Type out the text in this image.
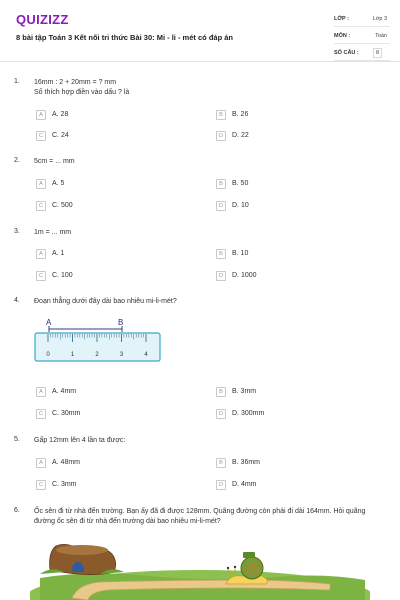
QUIZIZZ
8 bài tập Toán 3 Kết nối tri thức Bài 30: Mi - li - mét có đáp án
LỚP :	Lớp 3
MÔN :	Toán
SỐ CÂU :	8
1. 16mm : 2 + 20mm = ? mm
Số thích hợp điền vào dấu ? là
A	A. 28	B	B. 26
C	C. 24	D	D. 22
2. 5cm = ... mm
A	A. 5	B	B. 50
C	C. 500	D	D. 10
3. 1m = ... mm
A	A. 1	B	B. 10
C	C. 100	D	D. 1000
4. Đoạn thẳng dưới đây dài bao nhiêu mi-li-mét?
A	B
0	1	2	3	4
A	A. 4mm	B	B. 3mm
C	C. 30mm	D	D. 300mm
5. Gấp 12mm lên 4 lần ta được:
A	A. 48mm	B	B. 36mm
C	C. 3mm	D	D. 4mm
6. Ốc sên đi từ nhà đến trường. Bạn ấy đã đi được 128mm. Quãng đường còn phải đi dài 164mm. Hỏi quãng đường ốc sên đi từ nhà đến trường dài bao nhiêu mi-li-mét?
